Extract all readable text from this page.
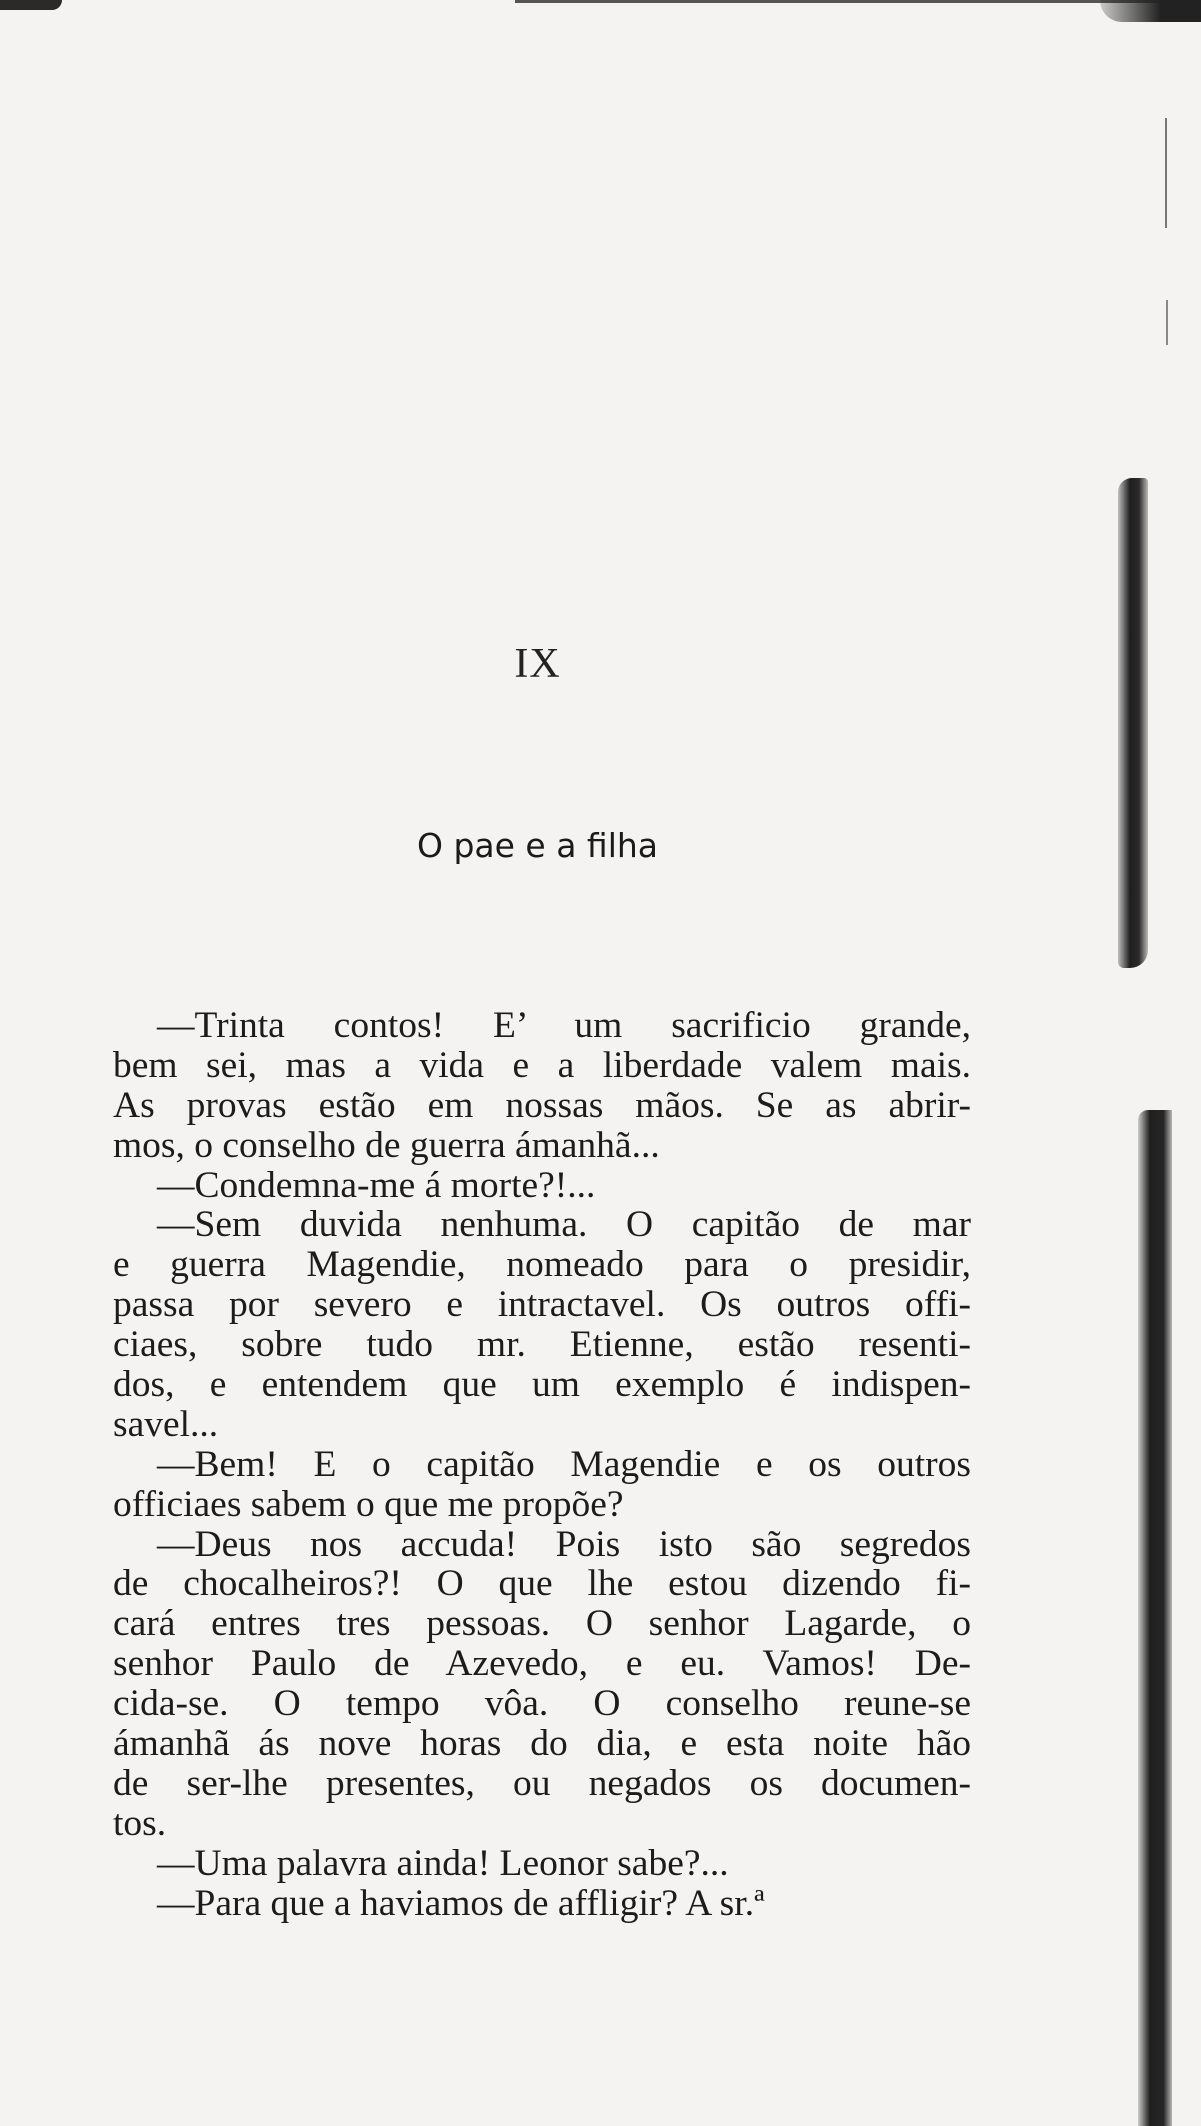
IX
O pae e a filha
—Trinta contos! E’ um sacrificio grande,
bem sei, mas a vida e a liberdade valem mais.
As provas estão em nossas mãos. Se as abrir-
mos, o conselho de guerra ámanhã...
—Condemna-me á morte?!...
—Sem duvida nenhuma. O capitão de mar
e guerra Magendie, nomeado para o presidir,
passa por severo e intractavel. Os outros offi-
ciaes, sobre tudo mr. Etienne, estão resenti-
dos, e entendem que um exemplo é indispen-
savel...
—Bem! E o capitão Magendie e os outros
officiaes sabem o que me propõe?
—Deus nos accuda! Pois isto são segredos
de chocalheiros?! O que lhe estou dizendo fi-
cará entres tres pessoas. O senhor Lagarde, o
senhor Paulo de Azevedo, e eu. Vamos! De-
cida-se. O tempo vôa. O conselho reune-se
ámanhã ás nove horas do dia, e esta noite hão
de ser-lhe presentes, ou negados os documen-
tos.
—Uma palavra ainda! Leonor sabe?...
—Para que a haviamos de affligir? A sr.ª
